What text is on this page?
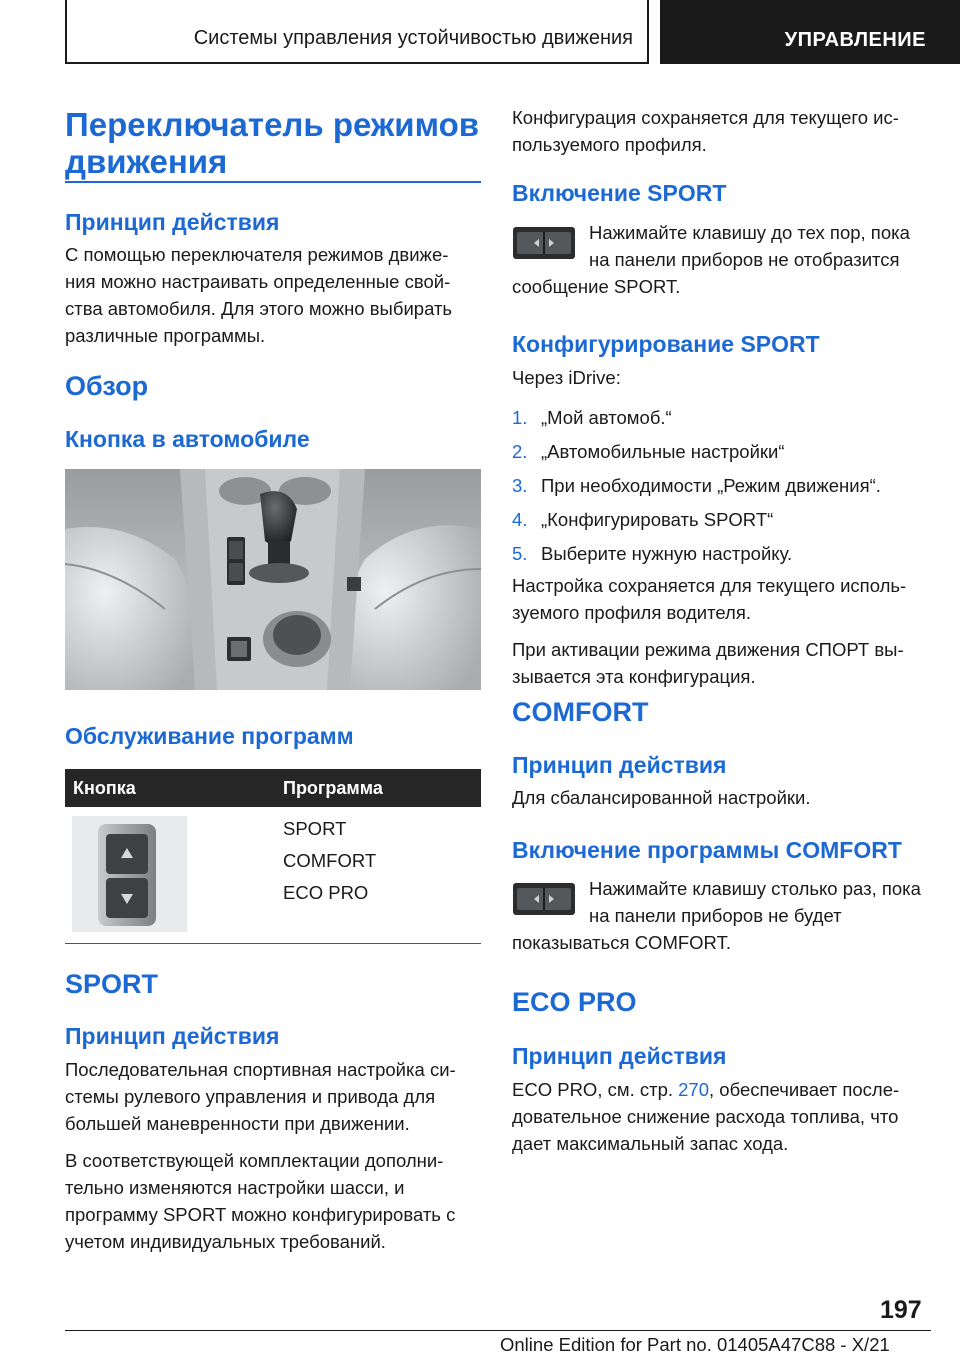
Системы управления устойчивостью движения	УПРАВЛЕНИЕ
Переключатель режимов
движения
Принцип действия

С помощью переключателя режимов движе-

ния можно настраивать определенные свой-

ства автомобиля. Для этого можно выбирать

различные программы.

Обзор
Кнопка в автомобиле
Обслуживание программ
Кнопка	Программа
SPORT
COMFORT
ECO PRO
SPORT
Принцип действия

Последовательная спортивная настройка си-

стемы рулевого управления и привода для

большей маневренности при движении.

В соответствующей комплектации дополни-

тельно изменяются настройки шасси, и

программу SPORT можно конфигурировать с

учетом индивидуальных требований.

Конфигурация сохраняется для текущего ис-

пользуемого профиля.

Включение SPORT

Нажимайте клавишу до тех пор, пока

на панели приборов не отобразится

сообщение SPORT.

Конфигурирование SPORT

Через iDrive:

1. „Мой автомоб.“
2. „Автомобильные настройки“
3. При необходимости „Режим движения“.
4. „Конфигурировать SPORT“
5. Выберите нужную настройку.

Настройка сохраняется для текущего исполь-

зуемого профиля водителя.

При активации режима движения СПОРТ вы-

зывается эта конфигурация.

COMFORT
Принцип действия

Для сбалансированной настройки.

Включение программы COMFORT

Нажимайте клавишу столько раз, пока

на панели приборов не будет

показываться COMFORT.

ECO PRO
Принцип действия

ECO PRO, см. стр. 270, обеспечивает после-

довательное снижение расхода топлива, что

дает максимальный запас хода.

197
Online Edition for Part no. 01405A47C88 - X/21
